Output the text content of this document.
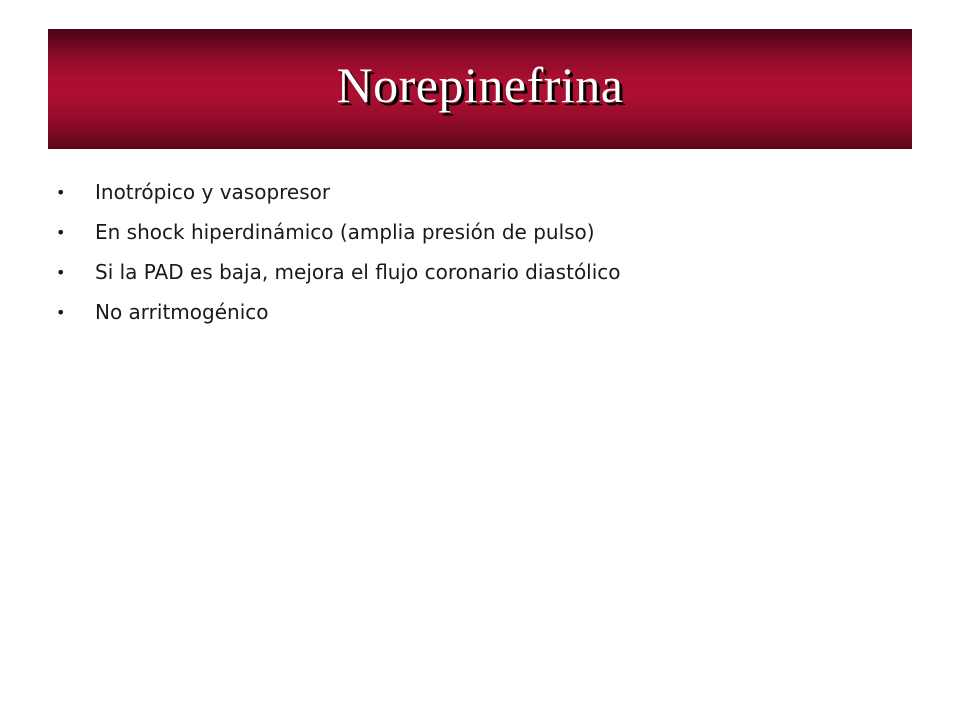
Norepinefrina
•	Inotrópico y vasopresor
•	En shock hiperdinámico (amplia presión de pulso)
•	Si la PAD es baja, mejora el flujo coronario diastólico
•	No arritmogénico
